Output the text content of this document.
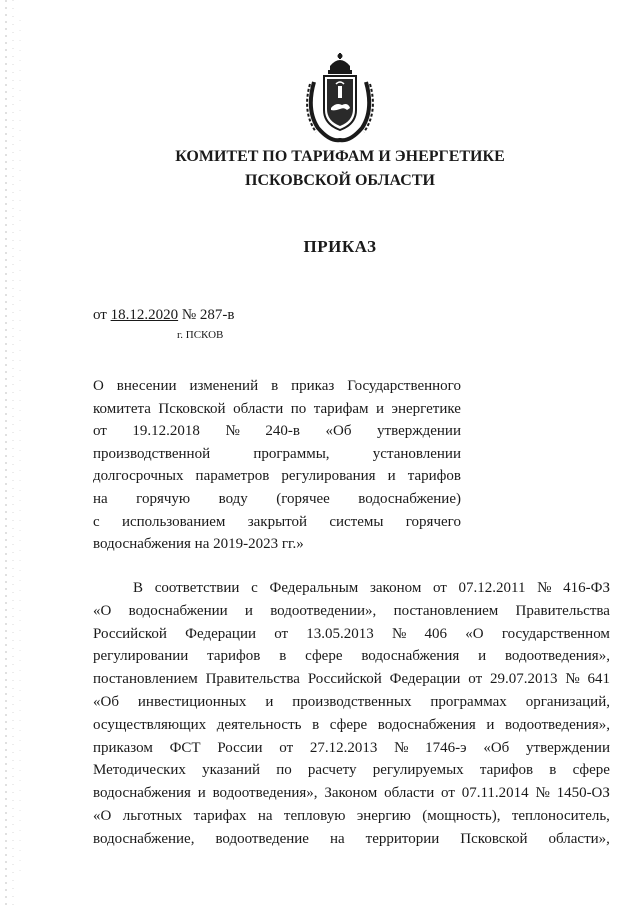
КОМИТЕТ ПО ТАРИФАМ И ЭНЕРГЕТИКЕ
ПСКОВСКОЙ ОБЛАСТИ
ПРИКАЗ
от 18.12.2020 № 287-в
г. ПСКОВ
О внесении изменений в приказ Государственного
комитета Псковской области по тарифам и энергетике
от 19.12.2018 № 240-в «Об утверждении
производственной	программы,	установлении
долгосрочных параметров регулирования и тарифов
на горячую воду (горячее водоснабжение)
с использованием закрытой системы горячего
водоснабжения на 2019-2023 гг.»
В соответствии с Федеральным законом от 07.12.2011 № 416-ФЗ
«О водоснабжении и водоотведении», постановлением Правительства
Российской Федерации от 13.05.2013 № 406 «О государственном
регулировании тарифов в сфере водоснабжения и водоотведения»,
постановлением Правительства Российской Федерации от 29.07.2013 № 641
«Об инвестиционных и производственных программах организаций,
осуществляющих деятельность в сфере водоснабжения и водоотведения»,
приказом ФСТ России от 27.12.2013 № 1746-э «Об утверждении
Методических указаний по расчету регулируемых тарифов в сфере
водоснабжения и водоотведения», Законом области от 07.11.2014 № 1450-ОЗ
«О льготных тарифах на тепловую энергию (мощность), теплоноситель,
водоснабжение, водоотведение на территории Псковской области»,
